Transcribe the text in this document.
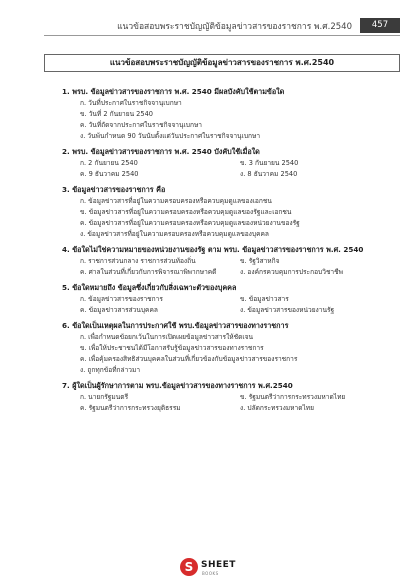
แนวข้อสอบพระราชบัญญัติข้อมูลข่าวสารของราชการ พ.ศ.2540	457
แนวข้อสอบพระราชบัญญัติข้อมูลข่าวสารของราชการ พ.ศ.2540
1. พรบ. ข้อมูลข่าวสารของราชการ พ.ศ. 2540 มีผลบังคับใช้ตามข้อใด
ก. วันที่ประกาศในราชกิจจานุเบกษา
ข. วันที่ 2 กันยายน 2540
ค. วันที่ถัดจากประกาศในราชกิจจานุเบกษา
ง. วันพ้นกำหนด 90 วันนับตั้งแต่วันประกาศในราชกิจจานุเบกษา
2. พรบ. ข้อมูลข่าวสารของราชการ พ.ศ. 2540 บังคับใช้เมื่อใด
ก. 2 กันยายน 2540	ข. 3 กันยายน 2540
ค. 9 ธันวาคม 2540	ง. 8 ธันวาคม 2540
3. ข้อมูลข่าวสารของราชการ คือ
ก. ข้อมูลข่าวสารที่อยู่ในความครอบครองหรือควบคุมดูแลของเอกชน
ข. ข้อมูลข่าวสารที่อยู่ในความครอบครองหรือควบคุมดูแลของรัฐและเอกชน
ค. ข้อมูลข่าวสารที่อยู่ในความครอบครองหรือควบคุมดูแลของหน่วยงานของรัฐ
ง. ข้อมูลข่าวสารที่อยู่ในความครอบครองหรือควบคุมดูแลของบุคคล
4. ข้อใดไม่ใช่ความหมายของหน่วยงานของรัฐ ตาม พรบ. ข้อมูลข่าวสารของราชการ พ.ศ. 2540
ก. ราชการส่วนกลาง ราชการส่วนท้องถิ่น	ข. รัฐวิสาหกิจ
ค. ศาลในส่วนที่เกี่ยวกับการพิจารณาพิพากษาคดี	ง. องค์กรควบคุมการประกอบวิชาชีพ
5. ข้อใดหมายถึง ข้อมูลซึ่งเกี่ยวกับสิ่งเฉพาะตัวของบุคคล
ก. ข้อมูลข่าวสารของราชการ	ข. ข้อมูลข่าวสาร
ค. ข้อมูลข่าวสารส่วนบุคคล	ง. ข้อมูลข่าวสารของหน่วยงานรัฐ
6. ข้อใดเป็นเหตุผลในการประกาศใช้ พรบ.ข้อมูลข่าวสารของทางราชการ
ก. เพื่อกำหนดข้อยกเว้นในการเปิดเผยข้อมูลข่าวสารให้ชัดเจน
ข. เพื่อให้ประชาชนได้มีโอกาสรับรู้ข้อมูลข่าวสารของทางราชการ
ค. เพื่อคุ้มครองสิทธิส่วนบุคคลในส่วนที่เกี่ยวข้องกับข้อมูลข่าวสารของราชการ
ง. ถูกทุกข้อที่กล่าวมา
7. ผู้ใดเป็นผู้รักษาการตาม พรบ.ข้อมูลข่าวสารของทางราชการ พ.ศ.2540
ก. นายกรัฐมนตรี	ข. รัฐมนตรีว่าการกระทรวงมหาดไทย
ค. รัฐมนตรีว่าการกระทรวงยุติธรรม	ง. ปลัดกระทรวงมหาดไทย
S SHEET
BOOKS
